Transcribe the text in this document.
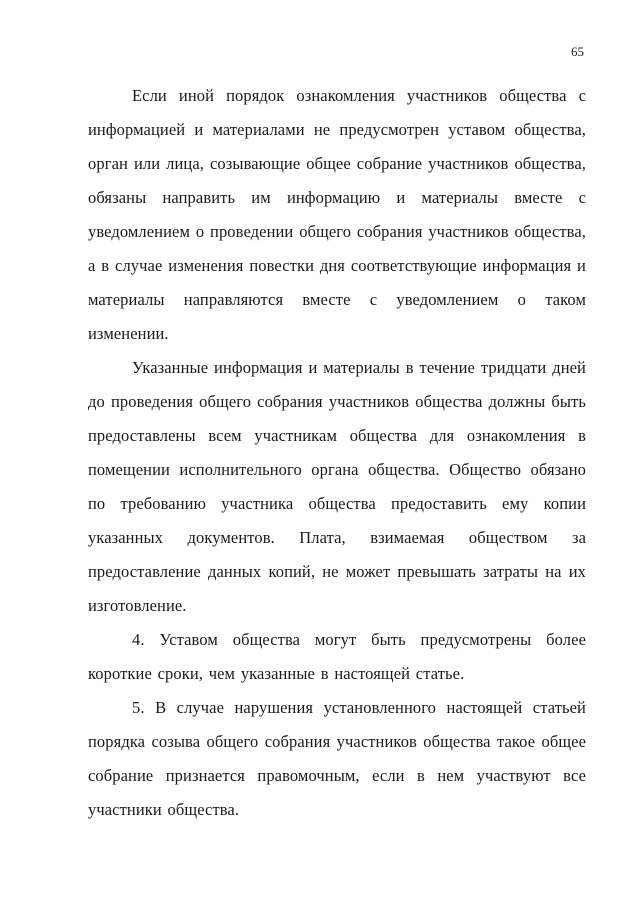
65

Если иной порядок ознакомления участников общества с информацией и материалами не предусмотрен уставом общества, орган или лица, созывающие общее собрание участников общества, обязаны направить им информацию и материалы вместе с уведомлением о проведении общего собрания участников общества, а в случае изменения повестки дня соответствующие информация и материалы направляются вместе с уведомлением о таком изменении.

Указанные информация и материалы в течение тридцати дней до проведения общего собрания участников общества должны быть предоставлены всем участникам общества для ознакомления в помещении исполнительного органа общества. Общество обязано по требованию участника общества предоставить ему копии указанных документов. Плата, взимаемая обществом за предоставление данных копий, не может превышать затраты на их изготовление.

4. Уставом общества могут быть предусмотрены более короткие сроки, чем указанные в настоящей статье.

5. В случае нарушения установленного настоящей статьей порядка созыва общего собрания участников общества такое общее собрание признается правомочным, если в нем участвуют все участники общества.
